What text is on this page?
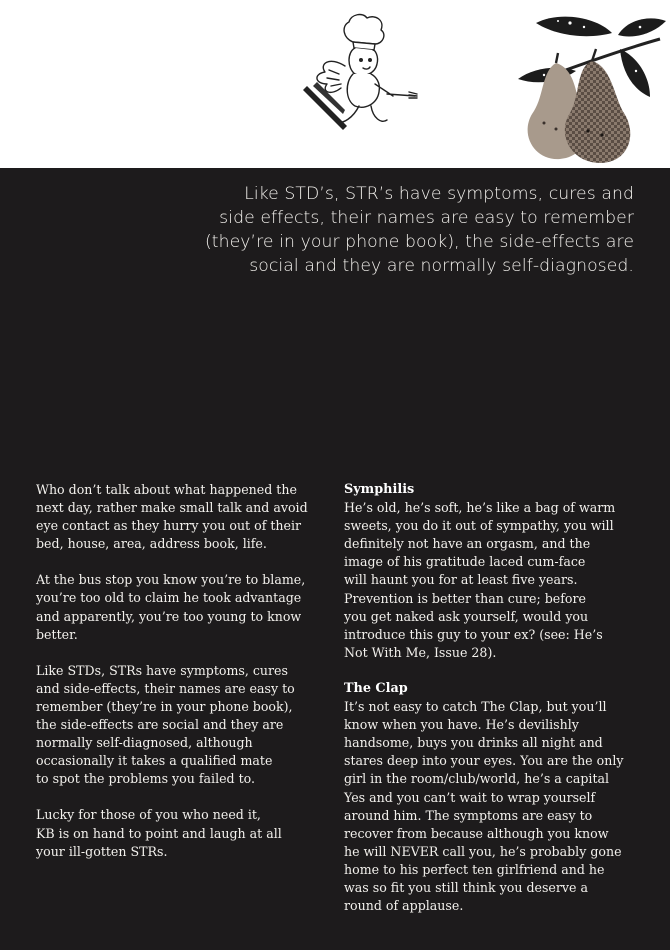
Like STD’s, STR’s have symptoms, cures and
side effects, their names are easy to remember
(they’re in your phone book), the side-effects are
social and they are normally self-diagnosed.

Who don’t talk about what happened the
next day, rather make small talk and avoid
eye contact as they hurry you out of their
bed, house, area, address book, life.

At the bus stop you know you’re to blame,
you’re too old to claim he took advantage
and apparently, you’re too young to know
better.

Like STDs, STRs have symptoms, cures
and side-effects, their names are easy to
remember (they’re in your phone book),
the side-effects are social and they are
normally self-diagnosed, although
occasionally it takes a qualified mate
to spot the problems you failed to.

Lucky for those of you who need it,
KB is on hand to point and laugh at all
your ill-gotten STRs.

Symphilis

He’s old, he’s soft, he’s like a bag of warm
sweets, you do it out of sympathy, you will
definitely not have an orgasm, and the
image of his gratitude laced cum-face
will haunt you for at least five years.
Prevention is better than cure; before
you get naked ask yourself, would you
introduce this guy to your ex? (see: He’s
Not With Me, Issue 28).

The Clap

It’s not easy to catch The Clap, but you’ll
know when you have. He’s devilishly
handsome, buys you drinks all night and
stares deep into your eyes. You are the only
girl in the room/club/world, he’s a capital
Yes and you can’t wait to wrap yourself
around him. The symptoms are easy to
recover from because although you know
he will NEVER call you, he’s probably gone
home to his perfect ten girlfriend and he
was so fit you still think you deserve a
round of applause.
